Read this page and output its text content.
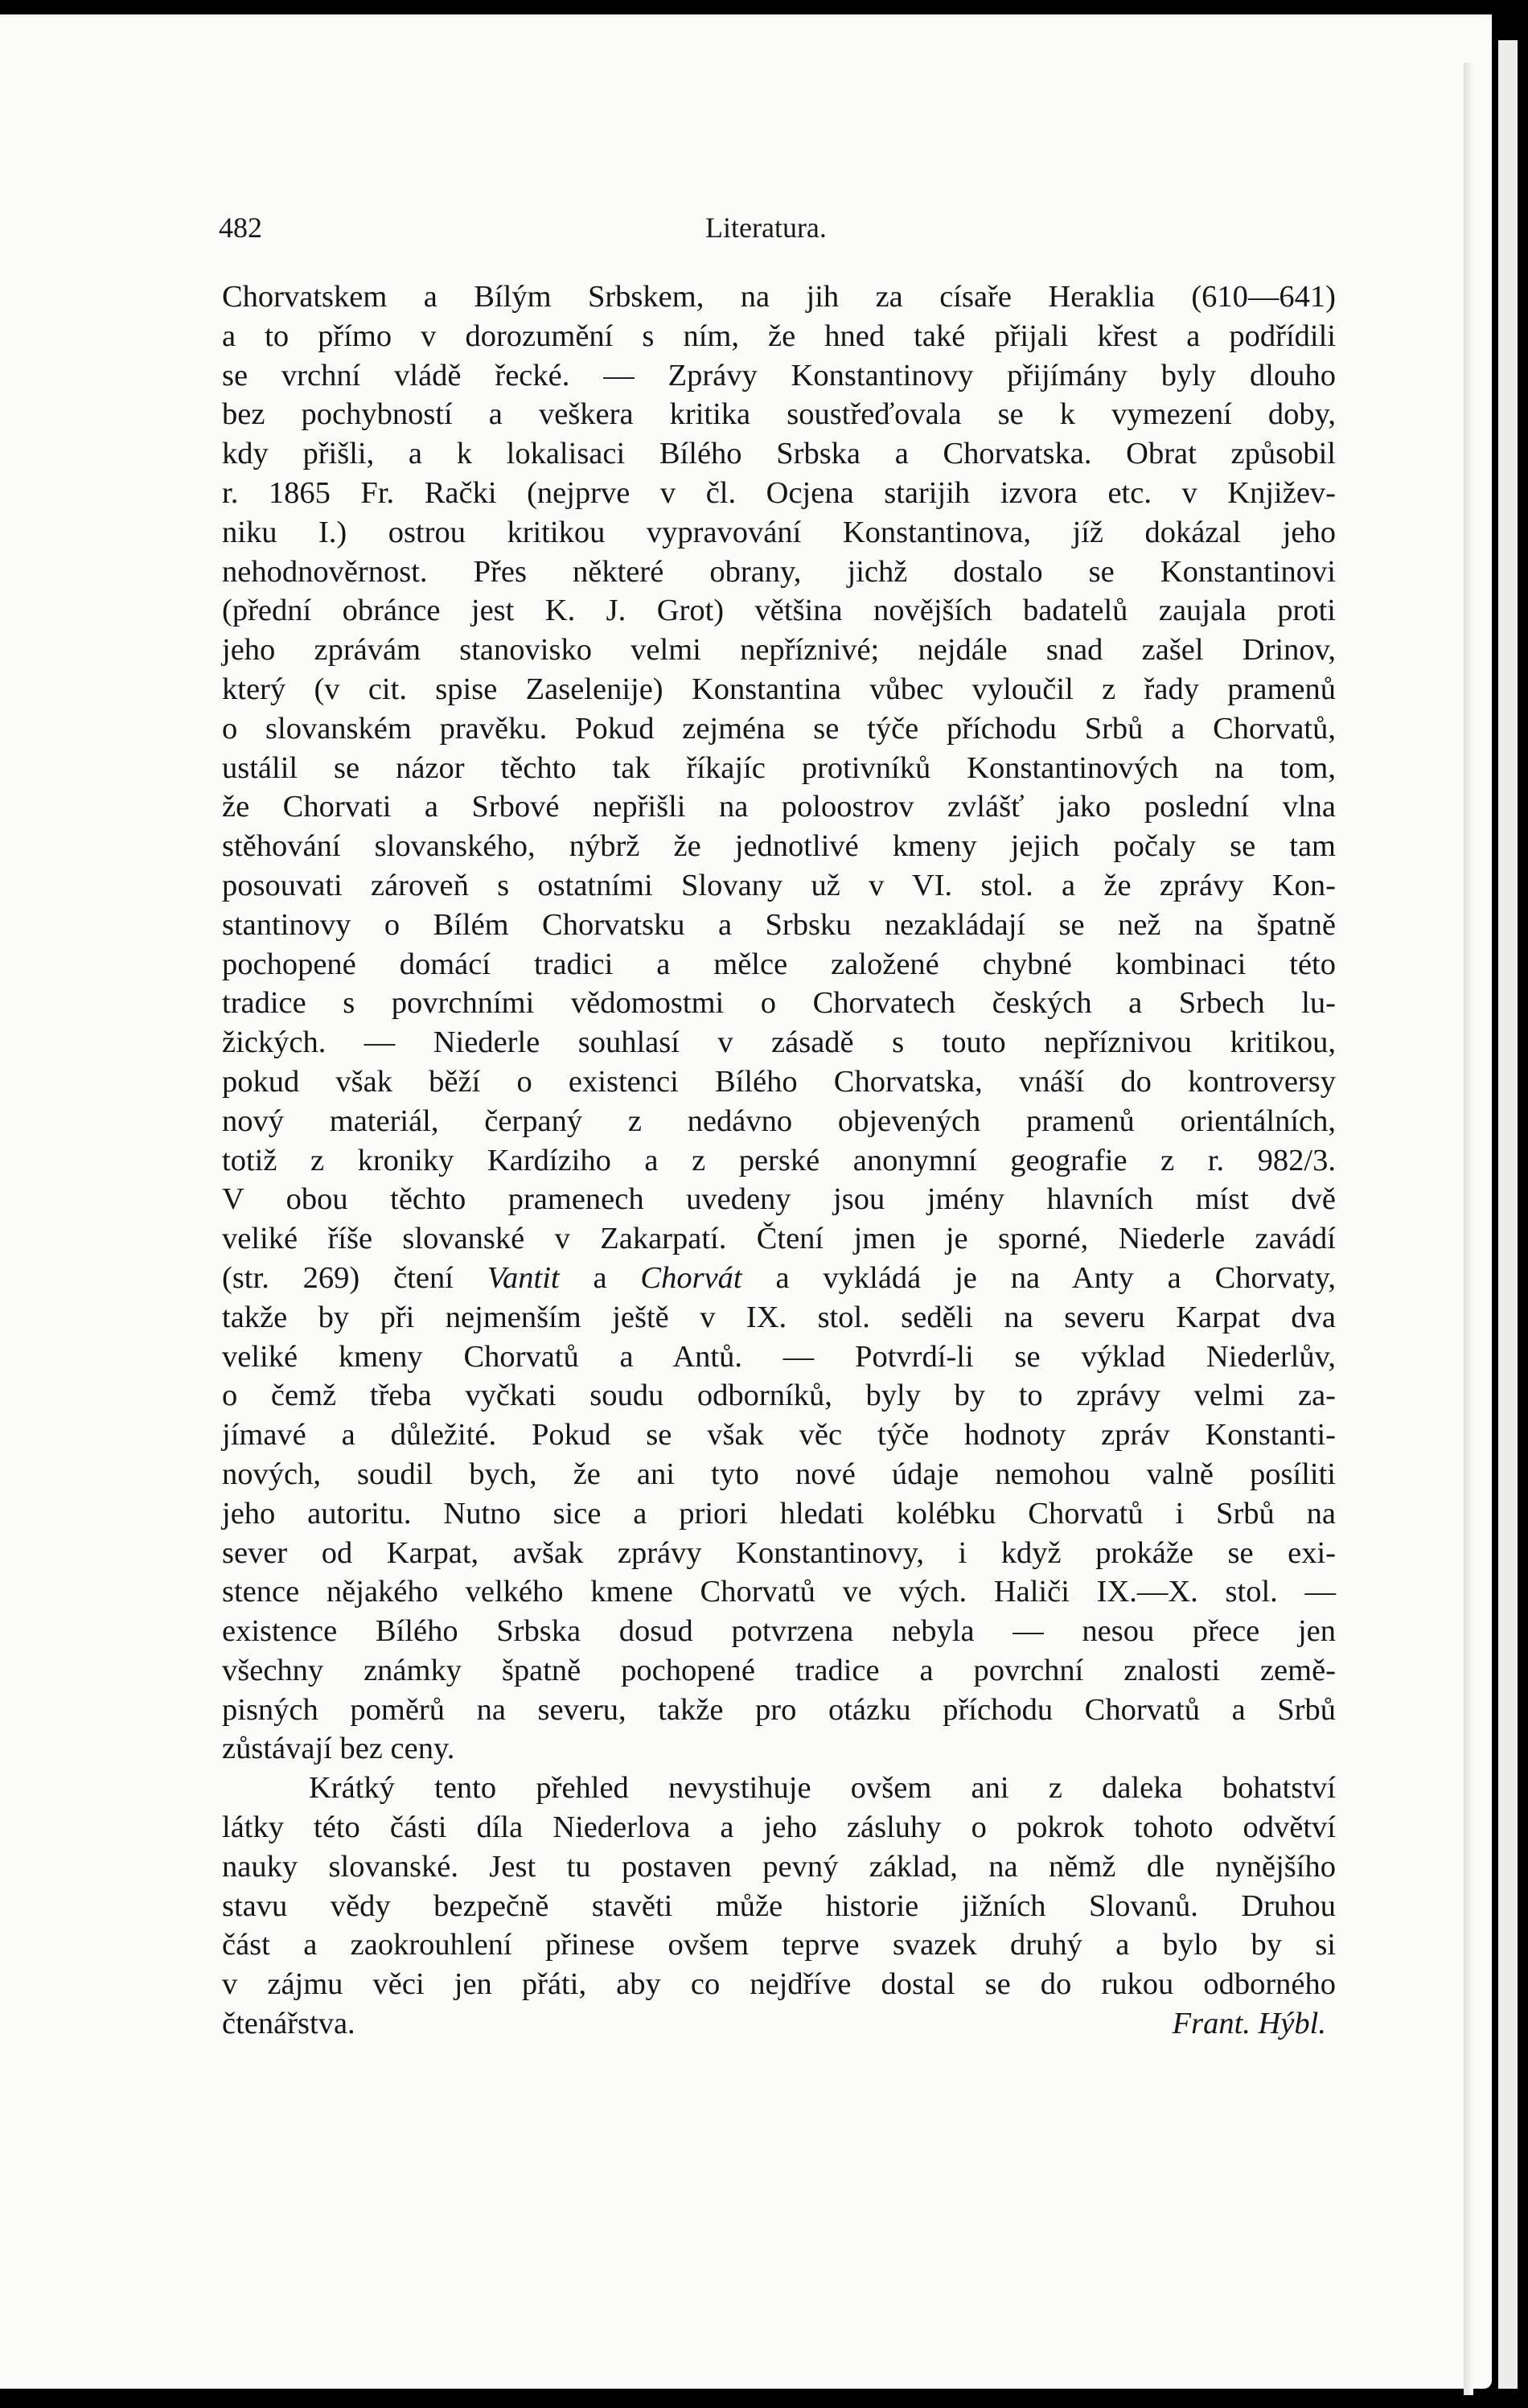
482	Literatura.

Chorvatskem a Bílým Srbskem, na jih za císaře Heraklia (610—641)
a to přímo v dorozumění s ním, že hned také přijali křest a podřídili
se vrchní vládě řecké. — Zprávy Konstantinovy přijímány byly dlouho
bez pochybností a veškera kritika soustřeďovala se k vymezení doby,
kdy přišli, a k lokalisaci Bílého Srbska a Chorvatska. Obrat způsobil
r. 1865 Fr. Rački (nejprve v čl. Ocjena starijih izvora etc. v Književ-
niku I.) ostrou kritikou vypravování Konstantinova, jíž dokázal jeho
nehodnověrnost. Přes některé obrany, jichž dostalo se Konstantinovi
(přední obránce jest K. J. Grot) většina novějších badatelů zaujala proti
jeho zprávám stanovisko velmi nepříznivé; nejdále snad zašel Drinov,
který (v cit. spise Zaselenije) Konstantina vůbec vyloučil z řady pramenů
o slovanském pravěku. Pokud zejména se týče příchodu Srbů a Chorvatů,
ustálil se názor těchto tak říkajíc protivníků Konstantinových na tom,
že Chorvati a Srbové nepřišli na poloostrov zvlášť jako poslední vlna
stěhování slovanského, nýbrž že jednotlivé kmeny jejich počaly se tam
posouvati zároveň s ostatními Slovany už v VI. stol. a že zprávy Kon-
stantinovy o Bílém Chorvatsku a Srbsku nezakládají se než na špatně
pochopené domácí tradici a mělce založené chybné kombinaci této
tradice s povrchními vědomostmi o Chorvatech českých a Srbech lu-
žických. — Niederle souhlasí v zásadě s touto nepříznivou kritikou,
pokud však běží o existenci Bílého Chorvatska, vnáší do kontroversy
nový materiál, čerpaný z nedávno objevených pramenů orientálních,
totiž z kroniky Kardíziho a z perské anonymní geografie z r. 982/3.
V obou těchto pramenech uvedeny jsou jmény hlavních míst dvě
veliké říše slovanské v Zakarpatí. Čtení jmen je sporné, Niederle zavádí
(str. 269) čtení Vantit a Chorvát a vykládá je na Anty a Chorvaty,
takže by při nejmenším ještě v IX. stol. seděli na severu Karpat dva
veliké kmeny Chorvatů a Antů. — Potvrdí-li se výklad Niederlův,
o čemž třeba vyčkati soudu odborníků, byly by to zprávy velmi za-
jímavé a důležité. Pokud se však věc týče hodnoty zpráv Konstanti-
nových, soudil bych, že ani tyto nové údaje nemohou valně posíliti
jeho autoritu. Nutno sice a priori hledati kolébku Chorvatů i Srbů na
sever od Karpat, avšak zprávy Konstantinovy, i když prokáže se exi-
stence nějakého velkého kmene Chorvatů ve vých. Haliči IX.—X. stol. —
existence Bílého Srbska dosud potvrzena nebyla — nesou přece jen
všechny známky špatně pochopené tradice a povrchní znalosti země-
pisných poměrů na severu, takže pro otázku příchodu Chorvatů a Srbů
zůstávají bez ceny.

Krátký tento přehled nevystihuje ovšem ani z daleka bohatství
látky této části díla Niederlova a jeho zásluhy o pokrok tohoto odvětví
nauky slovanské. Jest tu postaven pevný základ, na němž dle nynějšího
stavu vědy bezpečně stavěti může historie jižních Slovanů. Druhou
část a zaokrouhlení přinese ovšem teprve svazek druhý a bylo by si
v zájmu věci jen přáti, aby co nejdříve dostal se do rukou odborného
čtenářstva.	Frant. Hýbl.
